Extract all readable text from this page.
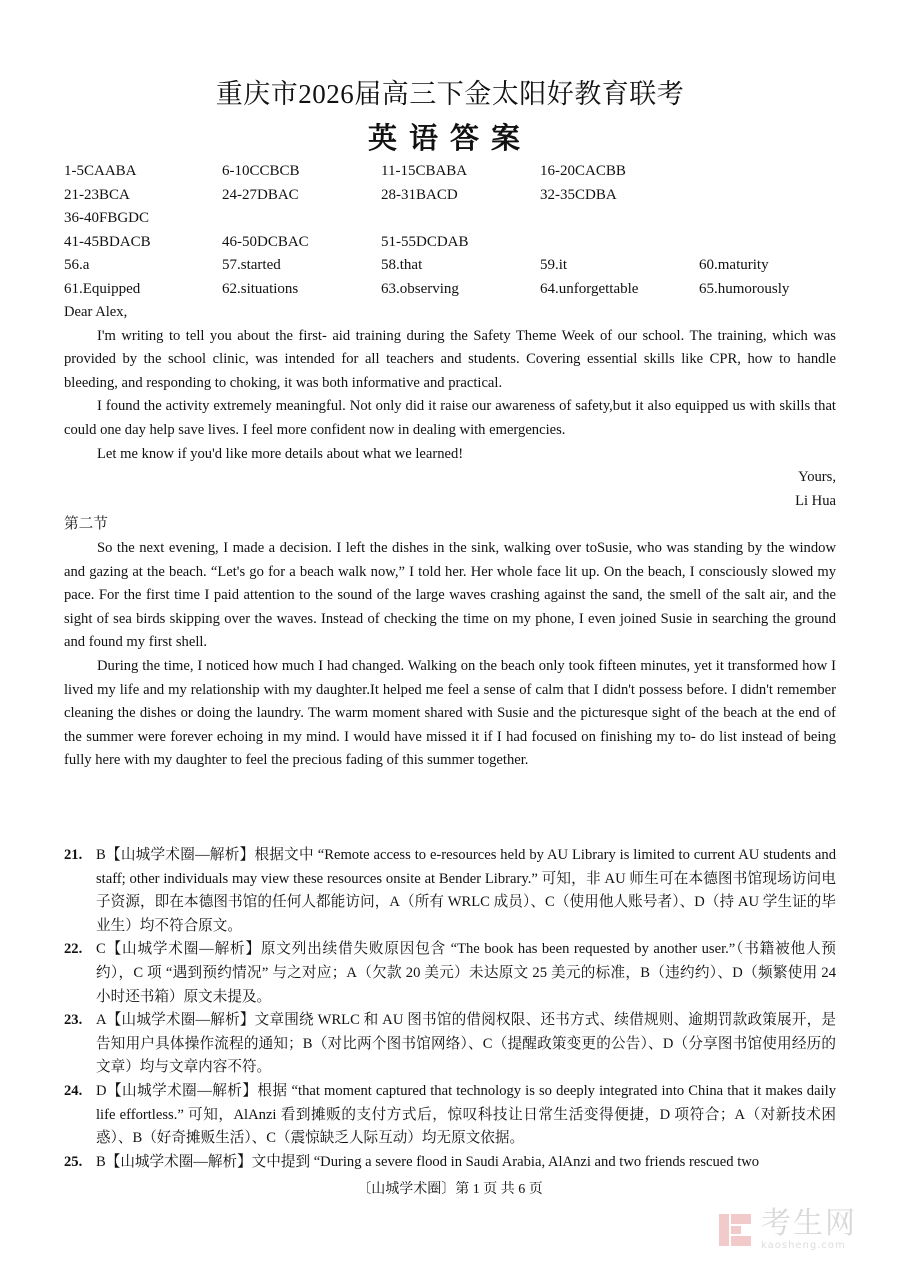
重庆市2026届高三下金太阳好教育联考
英语答案
1-5CAABA	6-10CCBCB	11-15CBABA	16-20CACBB
21-23BCA	24-27DBAC	28-31BACD	32-35CDBA
36-40FBGDC
41-45BDACB	46-50DCBAC	51-55DCDAB
56.a	57.started	58.that	59.it	60.maturity
61.Equipped	62.situations	63.observing	64.unforgettable	65.humorously

Dear Alex,

I'm writing to tell you about the first- aid training during the Safety Theme Week of our school. The training, which was provided by the school clinic, was intended for all teachers and students. Covering essential skills like CPR, how to handle bleeding, and responding to choking, it was both informative and practical.

I found the activity extremely meaningful. Not only did it raise our awareness of safety,but it also equipped us with skills that could one day help save lives. I feel more confident now in dealing with emergencies.

Let me know if you'd like more details about what we learned!

Yours,

Li Hua

第二节

So the next evening, I made a decision. I left the dishes in the sink, walking over toSusie, who was standing by the window and gazing at the beach. “Let's go for a beach walk now,” I told her. Her whole face lit up. On the beach, I consciously slowed my pace. For the first time I paid attention to the sound of the large waves crashing against the sand, the smell of the salt air, and the sight of sea birds skipping over the waves. Instead of checking the time on my phone, I even joined Susie in searching the ground and found my first shell.

During the time, I noticed how much I had changed. Walking on the beach only took fifteen minutes, yet it transformed how I lived my life and my relationship with my daughter.It helped me feel a sense of calm that I didn't possess before. I didn't remember cleaning the dishes or doing the laundry. The warm moment shared with Susie and the picturesque sight of the beach at the end of the summer were forever echoing in my mind. I would have missed it if I had focused on finishing my to- do list instead of being fully here with my daughter to feel the precious fading of this summer together.

21. B【山城学术圈—解析】根据文中 “Remote access to e-resources held by AU Library is limited to current AU students and staff; other individuals may view these resources onsite at Bender Library.” 可知，非 AU 师生可在本德图书馆现场访问电子资源，即在本德图书馆的任何人都能访问，A（所有 WRLC 成员）、C（使用他人账号者）、D（持 AU 学生证的毕业生）均不符合原文。
22. C【山城学术圈—解析】原文列出续借失败原因包含 “The book has been requested by another user.”（书籍被他人预约），C 项 “遇到预约情况” 与之对应；A（欠款 20 美元）未达原文 25 美元的标准，B（违约约）、D（频繁使用 24 小时还书箱）原文未提及。
23. A【山城学术圈—解析】文章围绕 WRLC 和 AU 图书馆的借阅权限、还书方式、续借规则、逾期罚款政策展开，是告知用户具体操作流程的通知；B（对比两个图书馆网络）、C（提醒政策变更的公告）、D（分享图书馆使用经历的文章）均与文章内容不符。
24. D【山城学术圈—解析】根据 “that moment captured that technology is so deeply integrated into China that it makes daily life effortless.” 可知，AlAnzi 看到摊贩的支付方式后，惊叹科技让日常生活变得便捷，D 项符合；A（对新技术困惑）、B（好奇摊贩生活）、C（震惊缺乏人际互动）均无原文依据。
25. B【山城学术圈—解析】文中提到 “During a severe flood in Saudi Arabia, AlAnzi and two friends rescued two
〔山城学术圈〕第 1 页 共 6 页
考生网
kaosheng.com
